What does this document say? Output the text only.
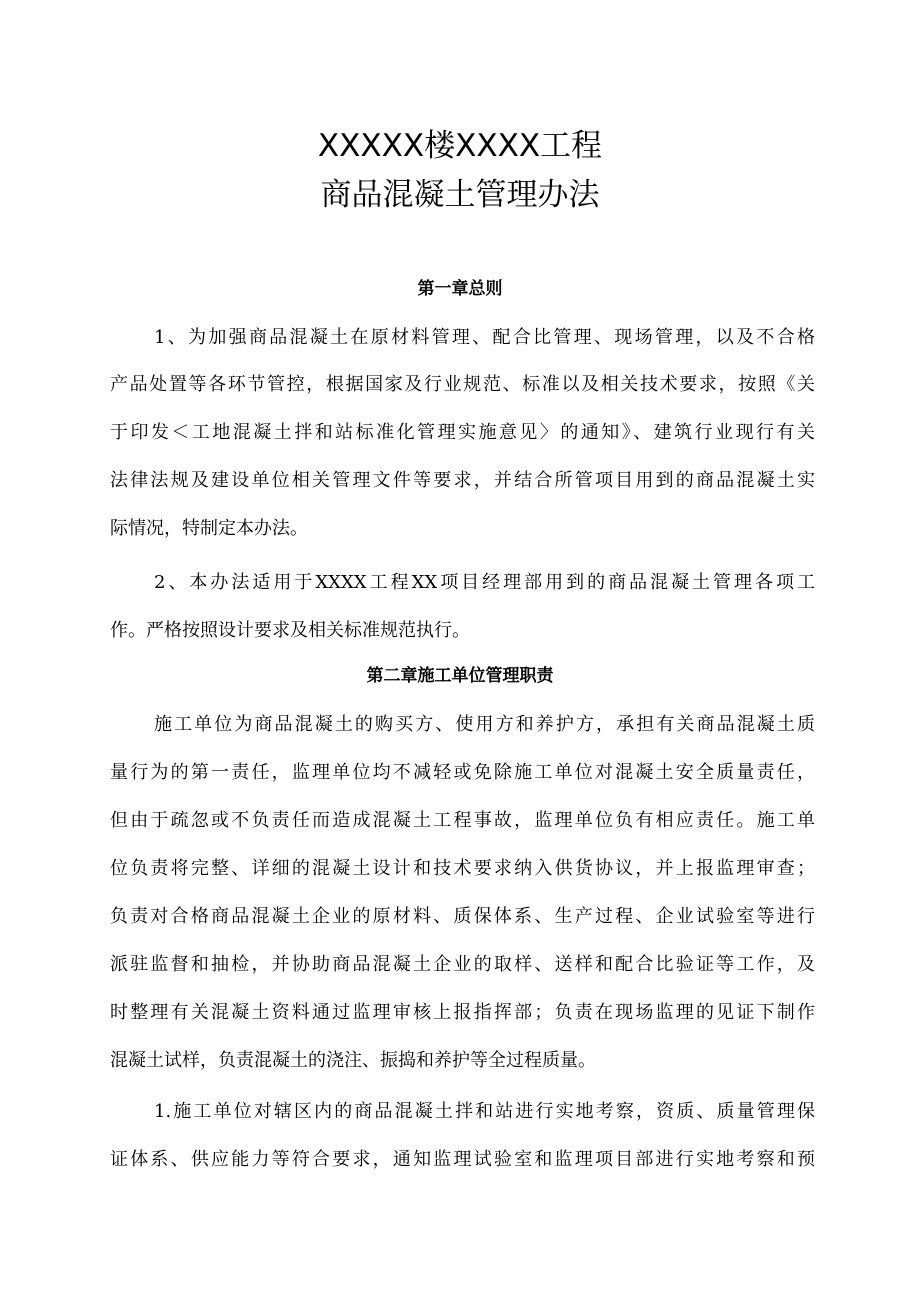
XXXXX楼XXXX工程
商品混凝土管理办法
第一章总则
1、为加强商品混凝土在原材料管理、配合比管理、现场管理，以及不合格
产品处置等各环节管控，根据国家及行业规范、标准以及相关技术要求，按照《关
于印发＜工地混凝土拌和站标准化管理实施意见〉的通知》、建筑行业现行有关
法律法规及建设单位相关管理文件等要求，并结合所管项目用到的商品混凝土实
际情况，特制定本办法。
2、本办法适用于XXXX工程XX项目经理部用到的商品混凝土管理各项工
作。严格按照设计要求及相关标准规范执行。
第二章施工单位管理职责
施工单位为商品混凝土的购买方、使用方和养护方，承担有关商品混凝土质
量行为的第一责任，监理单位均不减轻或免除施工单位对混凝土安全质量责任，
但由于疏忽或不负责任而造成混凝土工程事故，监理单位负有相应责任。施工单
位负责将完整、详细的混凝土设计和技术要求纳入供货协议，并上报监理审查；
负责对合格商品混凝土企业的原材料、质保体系、生产过程、企业试验室等进行
派驻监督和抽检，并协助商品混凝土企业的取样、送样和配合比验证等工作，及
时整理有关混凝土资料通过监理审核上报指挥部；负责在现场监理的见证下制作
混凝土试样，负责混凝土的浇注、振捣和养护等全过程质量。
1.施工单位对辖区内的商品混凝土拌和站进行实地考察，资质、质量管理保
证体系、供应能力等符合要求，通知监理试验室和监理项目部进行实地考察和预
